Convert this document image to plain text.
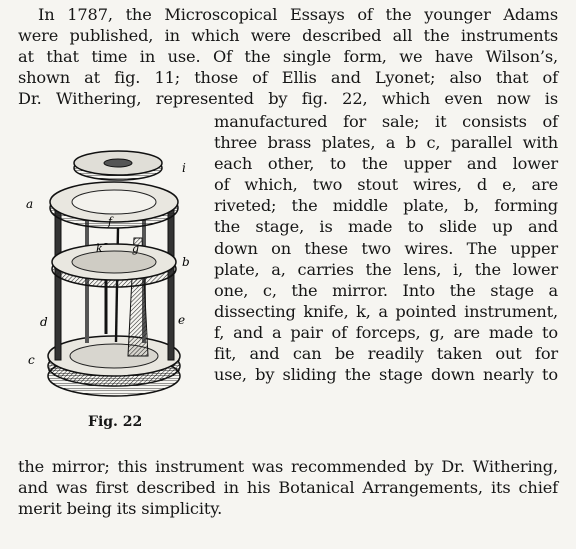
In 1787, the Microscopical Essays of the younger Adams
were published, in which were described all the instruments
at that time in use. Of the single form, we have Wilson’s,
shown at fig. 11; those of Ellis and Lyonet; also that of
Dr. Withering, represented by fig. 22, which even now is
manufactured for sale; it consists of
three brass plates, a b c, parallel with
each other, to the upper and lower
of which, two stout wires, d e, are
riveted; the middle plate, b, forming
the stage, is made to slide up and
down on these two wires. The upper
plate, a, carries the lens, i, the lower
one, c, the mirror. Into the stage a
dissecting knife, k, a pointed instrument,
f, and a pair of forceps, g, are made to
fit, and can be readily taken out for
use, by sliding the stage down nearly to
the mirror; this instrument was recommended by Dr. Withering,
and was first described in his Botanical Arrangements, its chief
merit being its simplicity.
i
a
f
k	g
b
d	e
c
Fig. 22
